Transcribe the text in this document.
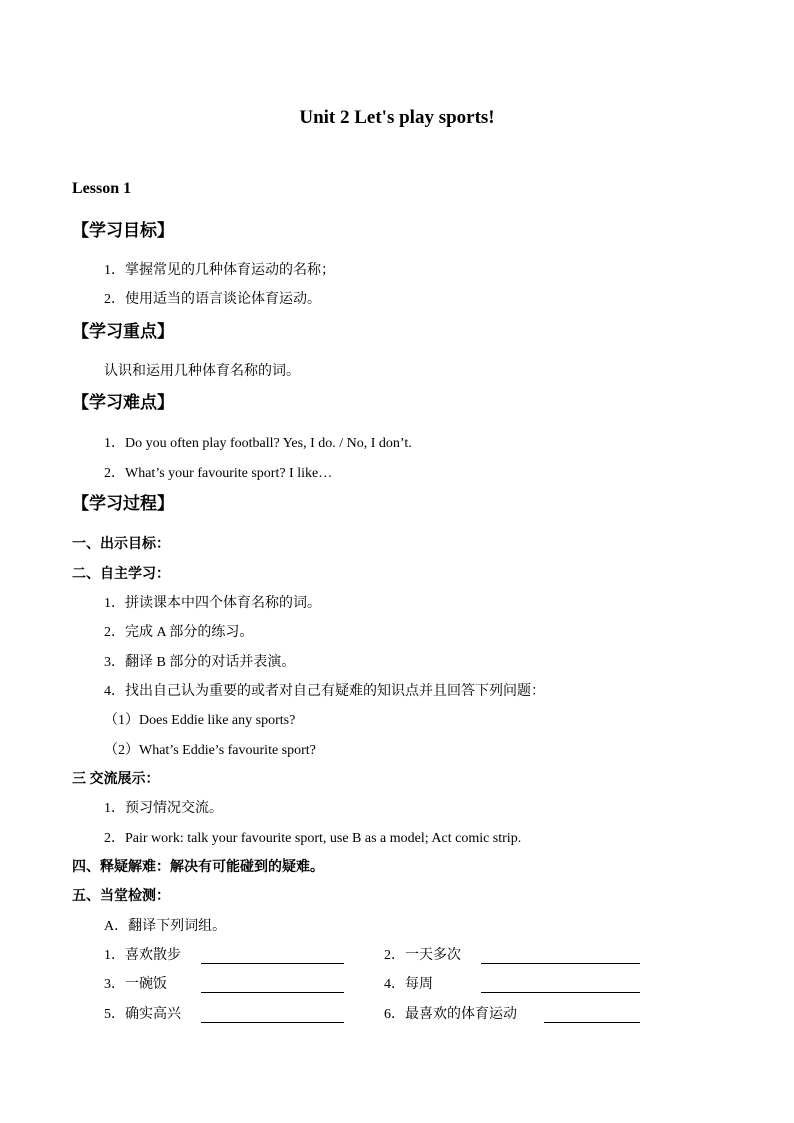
Unit 2 Let's play sports!
Lesson 1
【学习目标】
1．掌握常见的几种体育运动的名称；
2．使用适当的语言谈论体育运动。
【学习重点】
认识和运用几种体育名称的词。
【学习难点】
1．Do you often play football? Yes, I do. / No, I don’t.
2．What’s your favourite sport? I like…
【学习过程】
一、出示目标：
二、自主学习：
1．拼读课本中四个体育名称的词。
2．完成 A 部分的练习。
3．翻译 B 部分的对话并表演。
4．找出自己认为重要的或者对自己有疑难的知识点并且回答下列问题：
（1）Does Eddie like any sports?
（2）What’s Eddie’s favourite sport?
三 交流展示：
1．预习情况交流。
2．Pair work: talk your favourite sport, use B as a model; Act comic strip.
四、释疑解难：解决有可能碰到的疑难。
五、当堂检测：
A．翻译下列词组。
1．喜欢散步	2．一天多次
3．一碗饭	4．每周
5．确实高兴	6．最喜欢的体育运动
